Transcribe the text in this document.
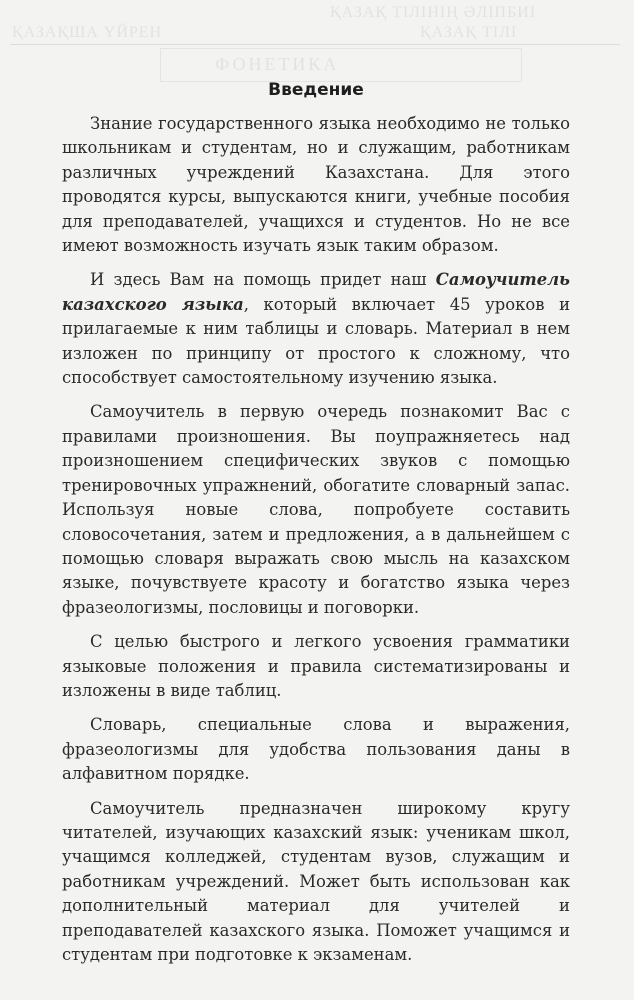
ҚАЗАҚ ТІЛІНІҢ ӘЛІПБИІ
ҚАЗАҚША ҮЙРЕН	ҚАЗАҚ ТІЛІ
ФОНЕТИКА
Введение

Знание государственного языка необходимо не только школьникам и студентам, но и служащим, работникам различных учреждений Казахстана. Для этого проводятся курсы, выпускаются книги, учебные пособия для преподавателей, учащихся и студентов. Но не все имеют возможность изучать язык таким образом.

И здесь Вам на помощь придет наш Самоучитель казахского языка, который включает 45 уроков и прилагаемые к ним таблицы и словарь. Материал в нем изложен по принципу от простого к сложному, что способствует самостоятельному изучению языка.

Самоучитель в первую очередь познакомит Вас с правилами произношения. Вы поупражняетесь над произношением специфических звуков с помощью тренировочных упражнений, обогатите словарный запас. Используя новые слова, попробуете составить словосочетания, затем и предложения, а в дальнейшем с помощью словаря выражать свою мысль на казахском языке, почувствуете красоту и богатство языка через фразеологизмы, пословицы и поговорки.

С целью быстрого и легкого усвоения грамматики языковые положения и правила систематизированы и изложены в виде таблиц.

Словарь, специальные слова и выражения, фразеологизмы для удобства пользования даны в алфавитном порядке.

Самоучитель предназначен широкому кругу читателей, изучающих казахский язык: ученикам школ, учащимся колледжей, студентам вузов, служащим и работникам учреждений. Может быть использован как дополнительный материал для учителей и преподавателей казахского языка. Поможет учащимся и студентам при подготовке к экзаменам.
